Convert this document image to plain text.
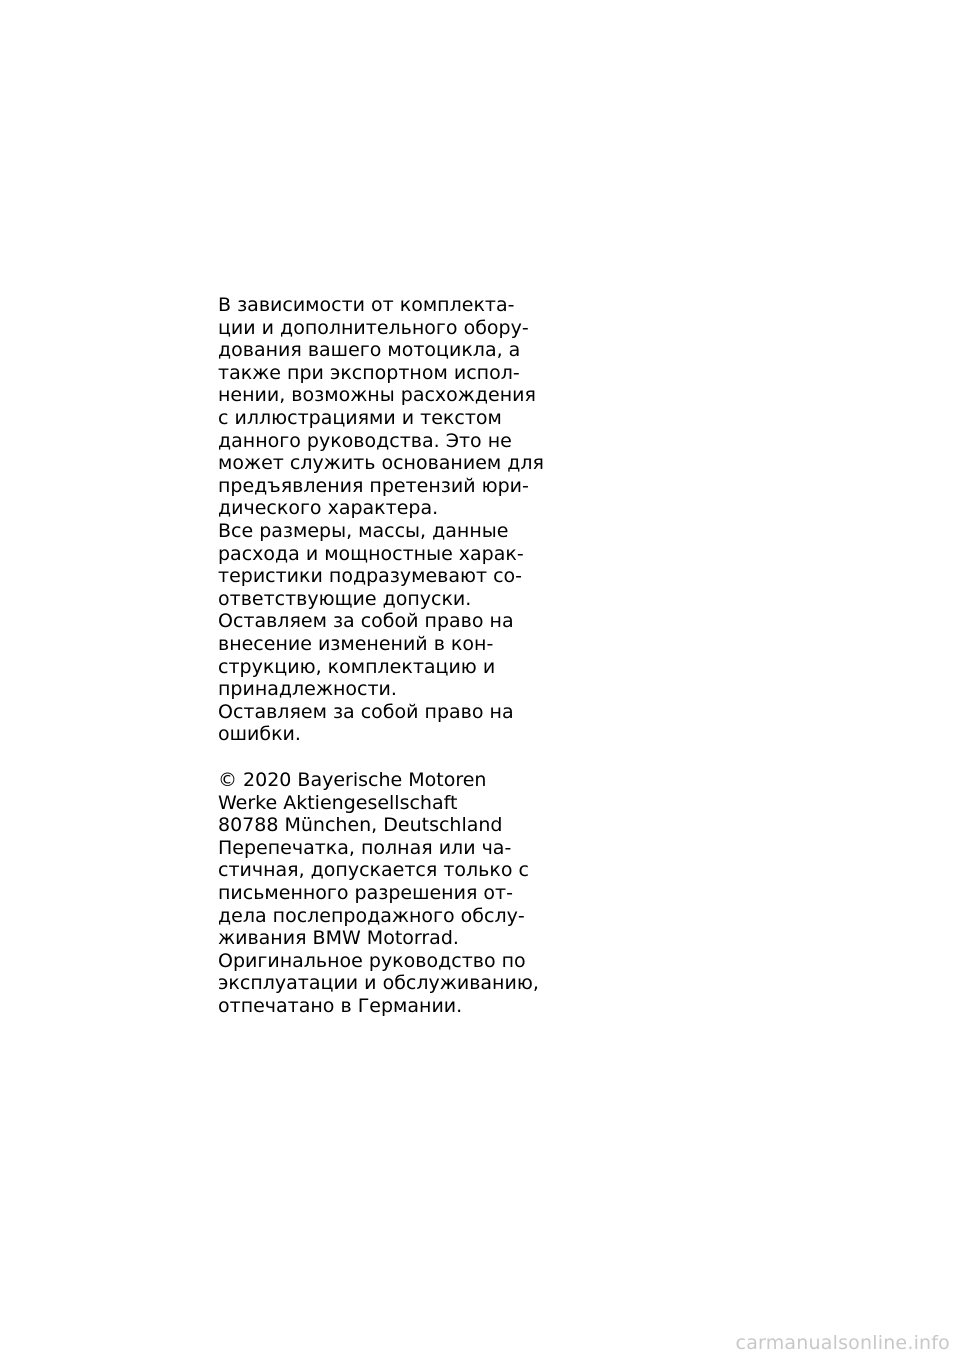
В зависимости от комплекта-
ции и дополнительного обору-
дования вашего мотоцикла, а
также при экспортном испол-
нении, возможны расхождения
с иллюстрациями и текстом
данного руководства. Это не
может служить основанием для
предъявления претензий юри-
дического характера.
Все размеры, массы, данные
расхода и мощностные харак-
теристики подразумевают со-
ответствующие допуски.
Оставляем за собой право на
внесение изменений в кон-
струкцию, комплектацию и
принадлежности.
Оставляем за собой право на
ошибки.
© 2020 Bayerische Motoren
Werke Aktiengesellschaft
80788 München, Deutschland
Перепечатка, полная или ча-
стичная, допускается только с
письменного разрешения от-
дела послепродажного обслу-
живания BMW Motorrad.
Оригинальное руководство по
эксплуатации и обслуживанию,
отпечатано в Германии.
carmanualsonline.info
